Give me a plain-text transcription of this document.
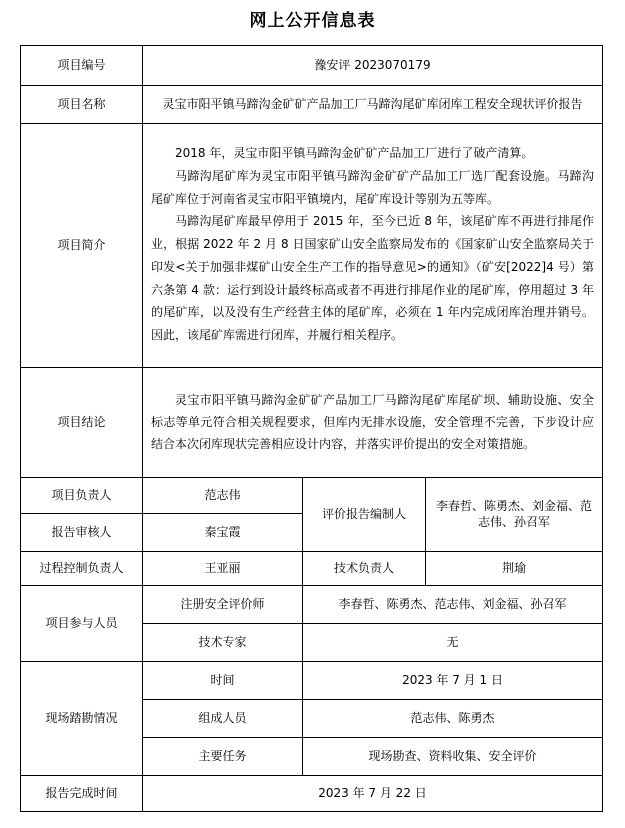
网上公开信息表
项目编号	豫安评 2023070179		
项目名称	灵宝市阳平镇马蹄沟金矿矿产品加工厂马蹄沟尾矿库闭库工程安全现状评价报告		
项目简介	2018 年，灵宝市阳平镇马蹄沟金矿矿产品加工厂进行了破产清算。

马蹄沟尾矿库为灵宝市阳平镇马蹄沟金矿矿产品加工厂选厂配套设施。马蹄沟尾矿库位于河南省灵宝市阳平镇境内，尾矿库设计等别为五等库。

马蹄沟尾矿库最早停用于 2015 年，至今已近 8 年，该尾矿库不再进行排尾作业，根据 2022 年 2 月 8 日国家矿山安全监察局发布的《国家矿山安全监察局关于印发<关于加强非煤矿山安全生产工作的指导意见>的通知》（矿安[2022]4 号）第六条第 4 款：运行到设计最终标高或者不再进行排尾作业的尾矿库，停用超过 3 年的尾矿库，以及没有生产经营主体的尾矿库，必须在 1 年内完成闭库治理并销号。因此，该尾矿库需进行闭库，并履行相关程序。		

项目结论	灵宝市阳平镇马蹄沟金矿矿产品加工厂马蹄沟尾矿库尾矿坝、辅助设施、安全标志等单元符合相关规程要求，但库内无排水设施，安全管理不完善，下步设计应结合本次闭库现状完善相应设计内容，并落实评价提出的安全对策措施。		

项目负责人	范志伟	评价报告编制人	李春哲、陈勇杰、刘金福、范志伟、孙召军
报告审核人	秦宝霞		
过程控制负责人	王亚丽	技术负责人	荆瑜
项目参与人员	注册安全评价师	李春哲、陈勇杰、范志伟、刘金福、孙召军	
	技术专家	无	
现场踏勘情况	时间	2023 年 7 月 1 日	
	组成人员	范志伟、陈勇杰	
	主要任务	现场勘查、资料收集、安全评价	
报告完成时间	2023 年 7 月 22 日		
